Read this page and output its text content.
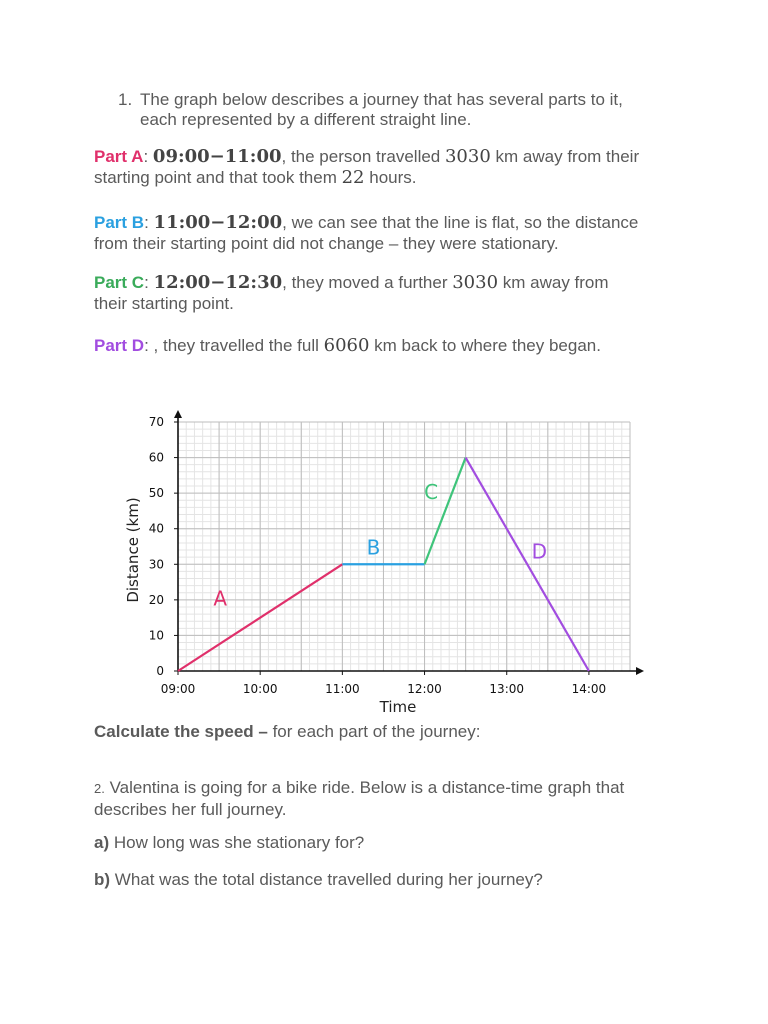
1. The graph below describes a journey that has several parts to it,
each represented by a different straight line.
Part A: 09:00−11:00, the person travelled 3030 km away from their
starting point and that took them 22 hours.
Part B: 11:00−12:00, we can see that the line is flat, so the distance
from their starting point did not change – they were stationary.
Part C: 12:00−12:30, they moved a further 3030 km away from
their starting point.
Part D: , they travelled the full 6060 km back to where they began.
0
10
20
30
40
50
60
70
09:00	10:00	11:00	12:00	13:00	14:00
A
B
C
D
Time
Distance (km)
Calculate the speed – for each part of the journey:
2. Valentina is going for a bike ride. Below is a distance-time graph that
describes her full journey.
a) How long was she stationary for?
b) What was the total distance travelled during her journey?
